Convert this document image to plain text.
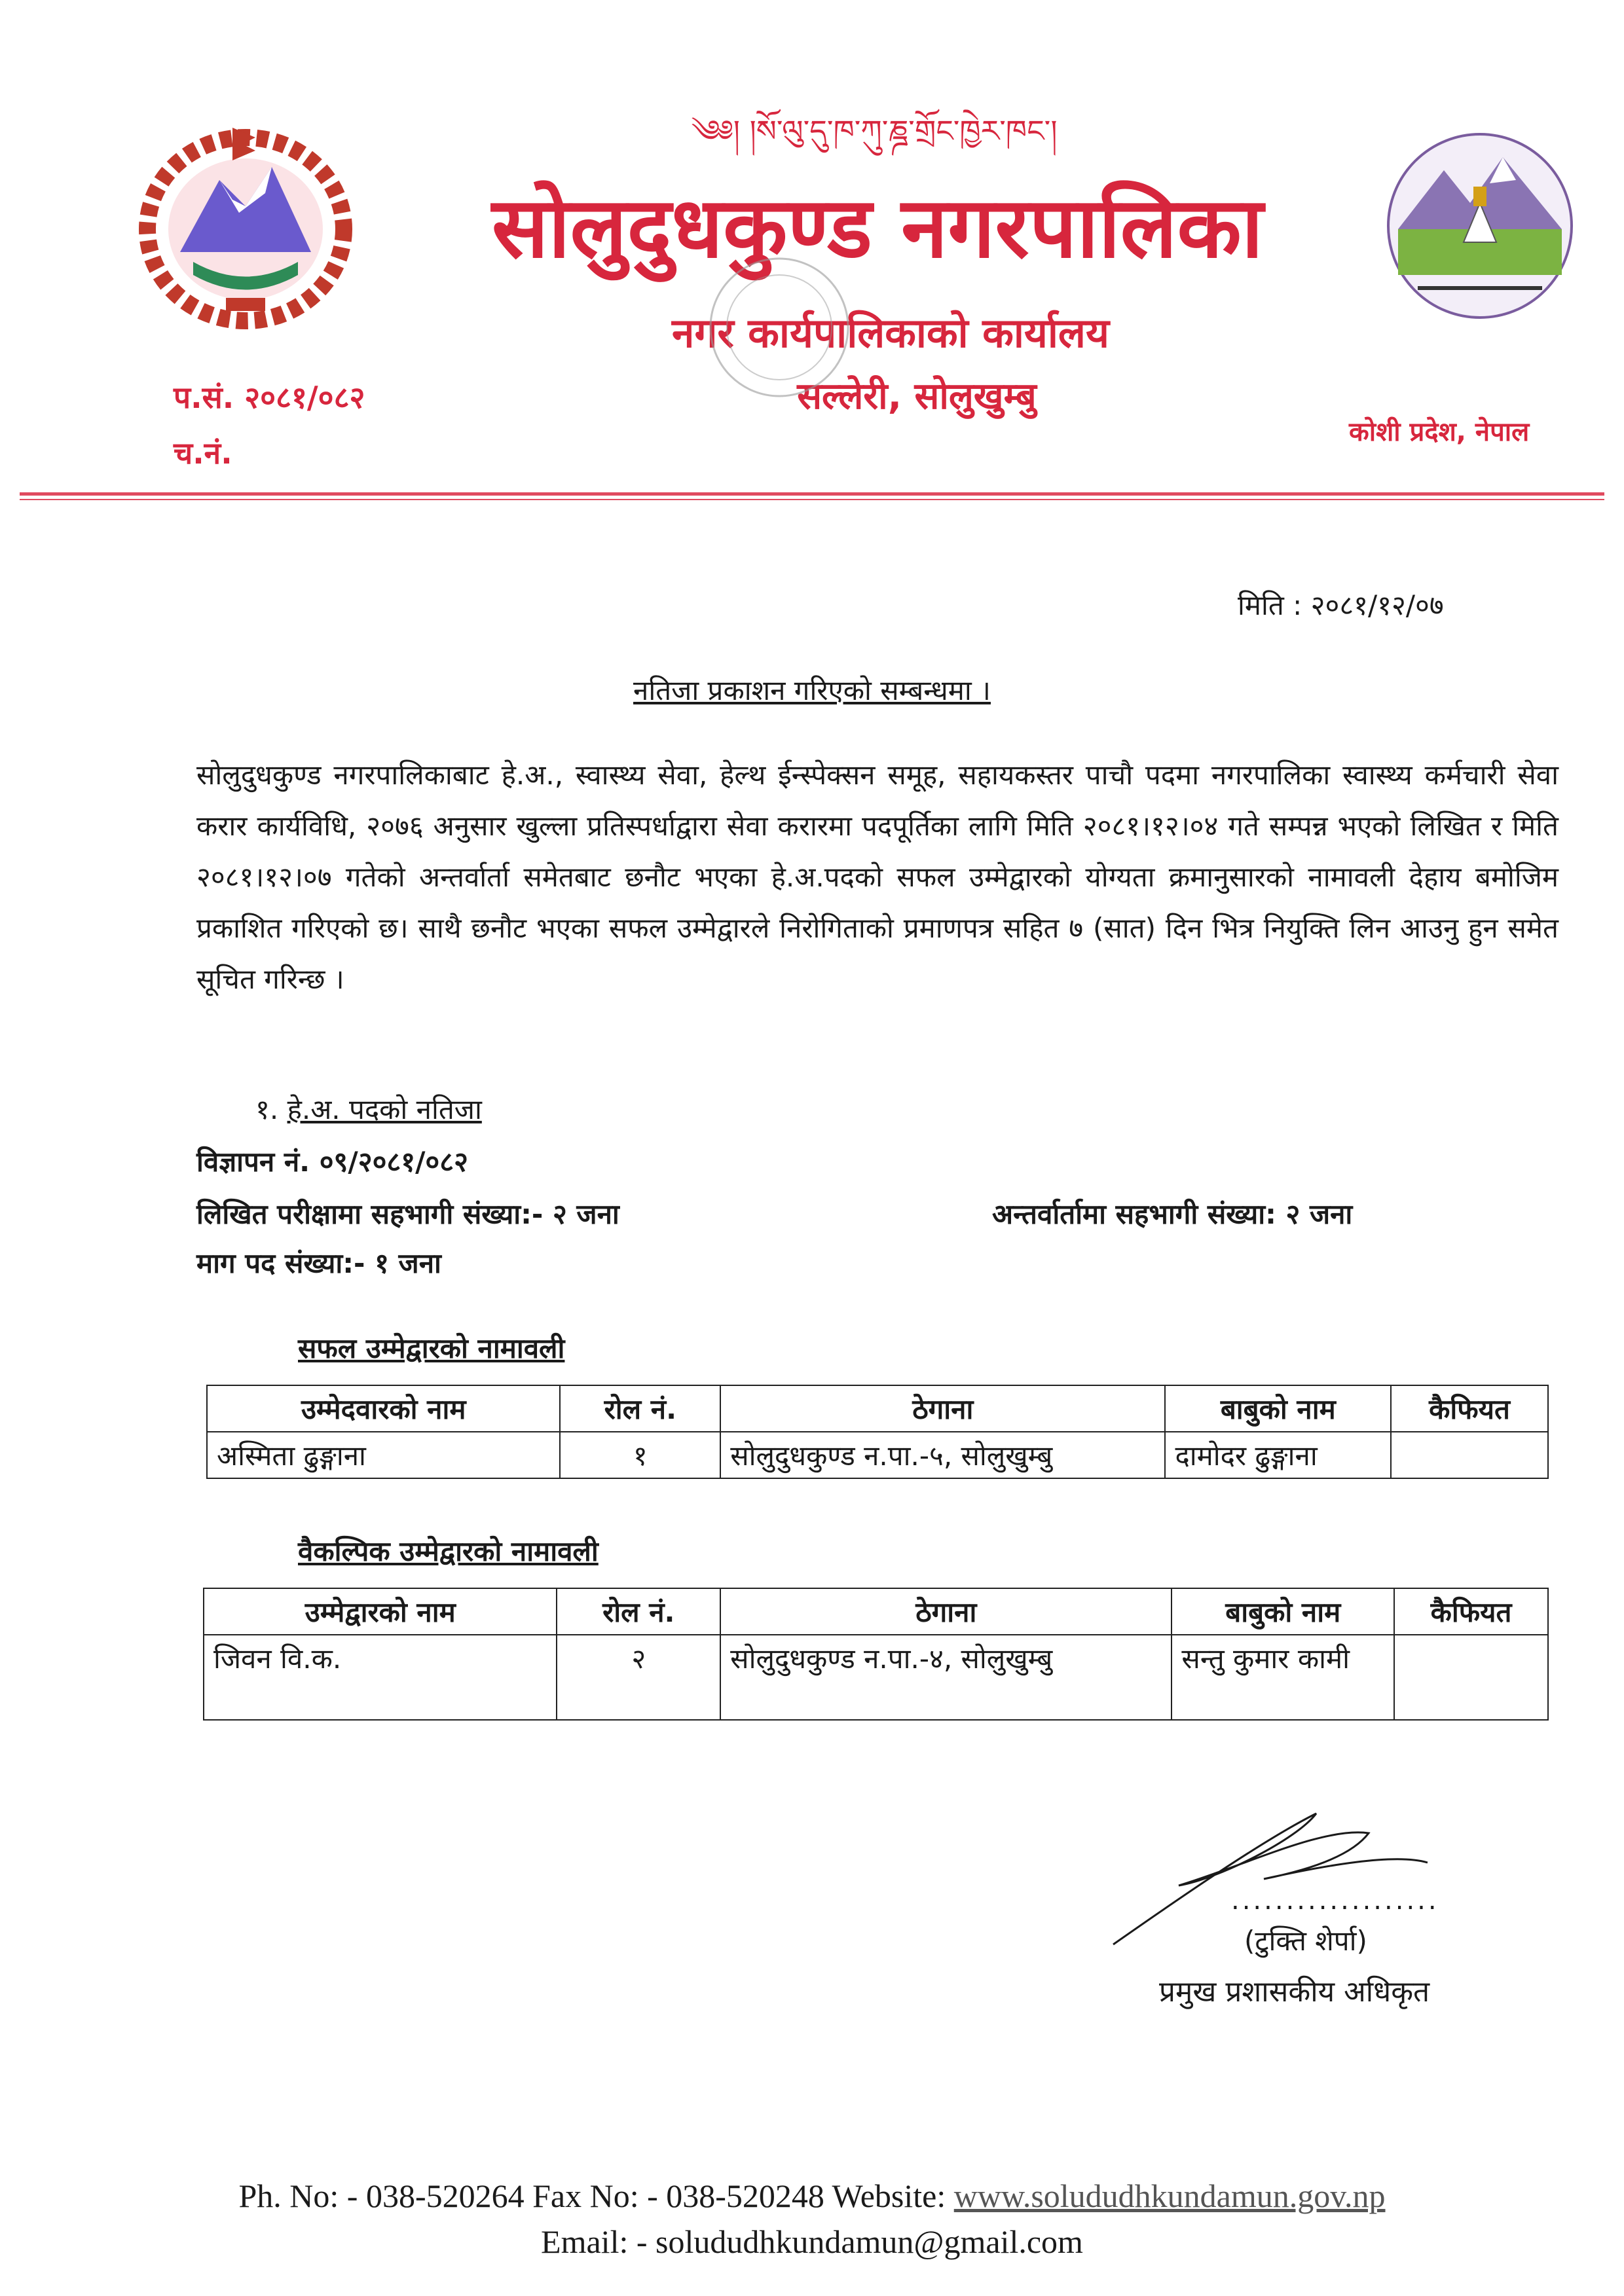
༄༅། །སོ་ལུ་དུ་ཁ་ཀུ་ཎྜ་གྲོང་ཁྱེར་ཁང་།
सोलुदुधकुण्ड नगरपालिका
नगर कार्यपालिकाको कार्यालय
सल्लेरी, सोलुखुम्बु
प.सं. २०८१/०८२
च.नं.
कोशी प्रदेश, नेपाल
मिति : २०८१/१२/०७
नतिजा प्रकाशन गरिएको सम्बन्धमा ।
सोलुदुधकुण्ड नगरपालिकाबाट हे.अ., स्वास्थ्य सेवा, हेल्थ ईन्स्पेक्सन समूह, सहायकस्तर पाचौ पदमा नगरपालिका स्वास्थ्य कर्मचारी सेवा करार कार्यविधि, २०७६ अनुसार खुल्ला प्रतिस्पर्धाद्वारा सेवा करारमा पदपूर्तिका लागि मिति २०८१।१२।०४ गते सम्पन्न भएको लिखित र मिति २०८१।१२।०७ गतेको अन्तर्वार्ता समेतबाट छनौट भएका हे.अ.पदको सफल उम्मेद्वारको योग्यता क्रमानुसारको नामावली देहाय बमोजिम प्रकाशित गरिएको छ। साथै छनौट भएका सफल उम्मेद्वारले निरोगिताको प्रमाणपत्र सहित ७ (सात) दिन भित्र नियुक्ति लिन आउनु हुन समेत सूचित गरिन्छ ।
१. हे.अ. पदको नतिजा
विज्ञापन नं. ०९/२०८१/०८२
लिखित परीक्षामा सहभागी संख्या:- २ जना	अन्तर्वार्तामा सहभागी संख्या: २ जना
माग पद संख्या:- १ जना
सफल उम्मेद्वारको नामावली
उम्मेदवारको नाम	रोल नं.	ठेगाना	बाबुको नाम	कैफियत
अस्मिता ढुङ्गाना	१	सोलुदुधकुण्ड न.पा.-५, सोलुखुम्बु	दामोदर ढुङ्गाना	
वैकल्पिक उम्मेद्वारको नामावली
उम्मेद्वारको नाम	रोल नं.	ठेगाना	बाबुको नाम	कैफियत
जिवन वि.क.	२	सोलुदुधकुण्ड न.पा.-४, सोलुखुम्बु	सन्तु कुमार कामी	
...................
(टुक्ति शेर्पा)
प्रमुख प्रशासकीय अधिकृत
Ph. No: - 038-520264 Fax No: - 038-520248 Website: www.solududhkundamun.gov.np
Email: - solududhkundamun@gmail.com
